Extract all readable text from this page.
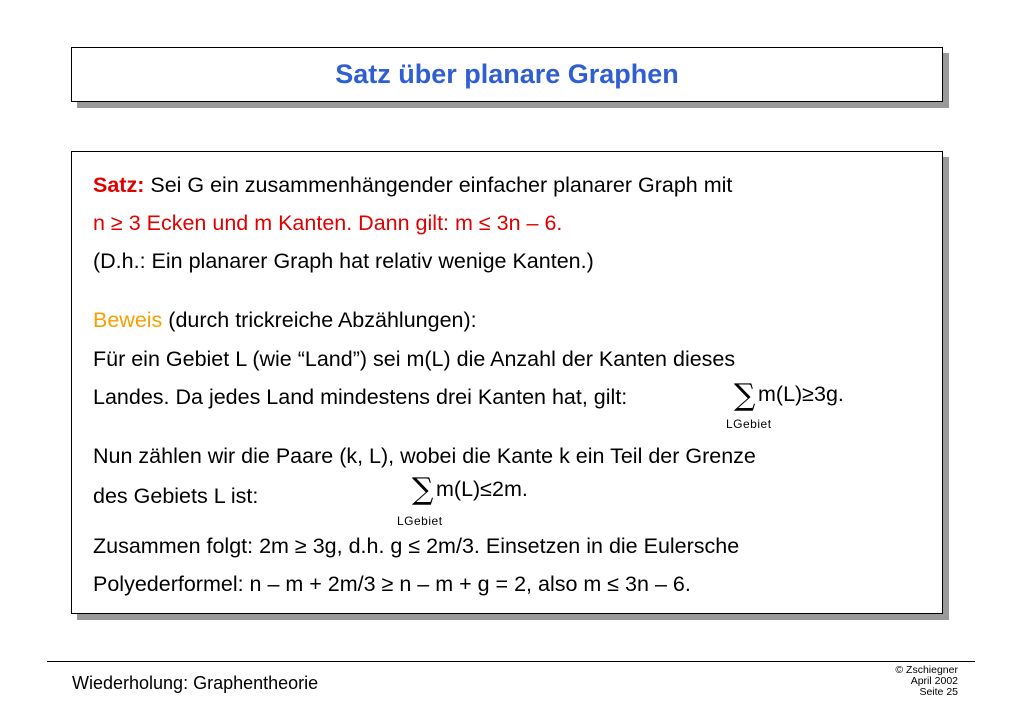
Satz über planare Graphen
Satz: Sei G ein zusammenhängender einfacher planarer Graph mit
n ≥ 3 Ecken und m Kanten. Dann gilt: m ≤ 3n – 6.
(D.h.: Ein planarer Graph hat relativ wenige Kanten.)
Beweis (durch trickreiche Abzählungen):
Für ein Gebiet L (wie “Land”) sei m(L) die Anzahl der Kanten dieses
Landes. Da jedes Land mindestens drei Kanten hat, gilt:	∑ m(L)≥3g.
LGebiet
Nun zählen wir die Paare (k, L), wobei die Kante k ein Teil der Grenze
des Gebiets L ist:	∑ m(L)≤2m.
LGebiet
Zusammen folgt: 2m ≥ 3g, d.h. g ≤ 2m/3. Einsetzen in die Eulersche
Polyederformel: n – m + 2m/3 ≥ n – m + g = 2, also m ≤ 3n – 6.
Wiederholung: Graphentheorie
© Zschiegner
April 2002
Seite 25
